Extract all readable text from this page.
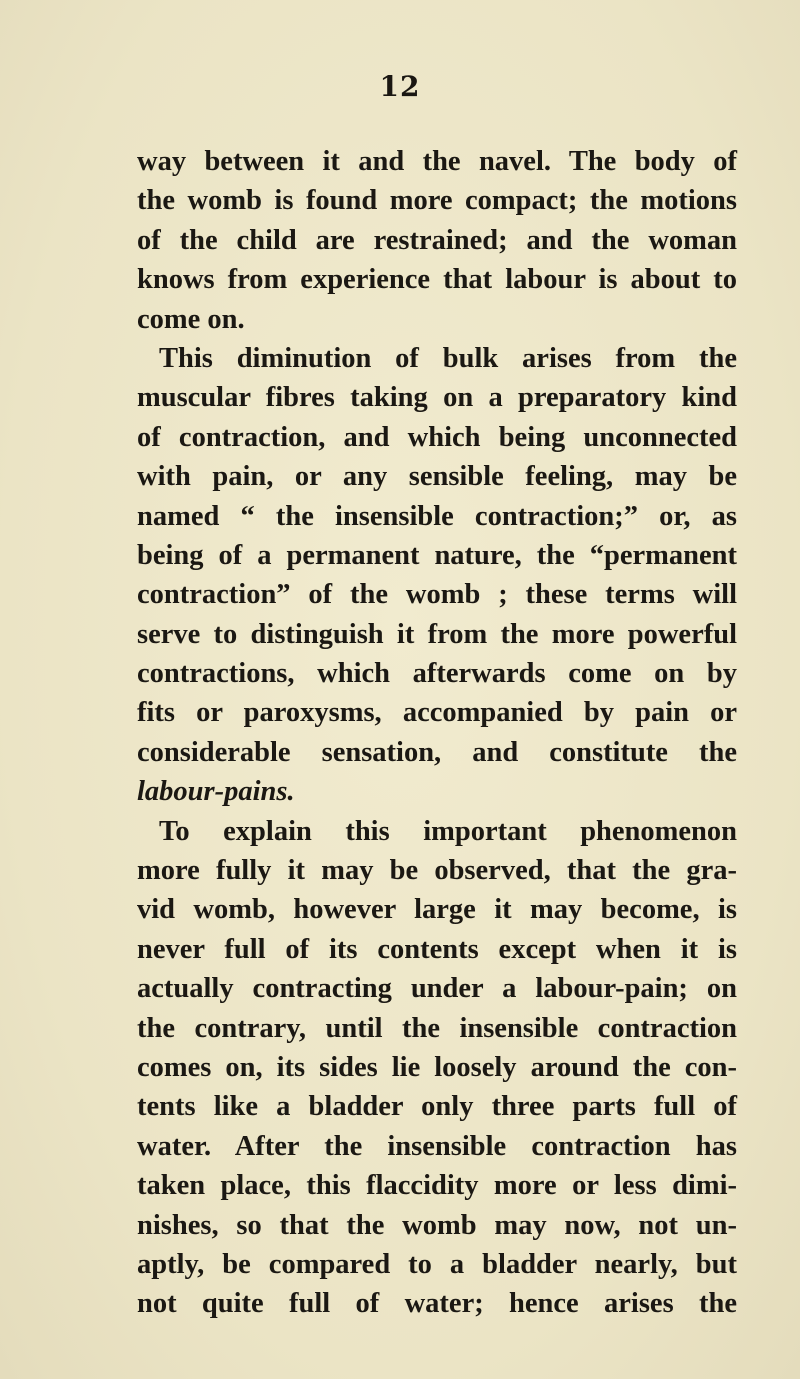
12
way between it and the navel. The body of
the womb is found more compact; the motions
of the child are restrained; and the woman
knows from experience that labour is about to
come on.
This diminution of bulk arises from the
muscular fibres taking on a preparatory kind
of contraction, and which being unconnected
with pain, or any sensible feeling, may be
named “ the insensible contraction;” or, as
being of a permanent nature, the “permanent
contraction” of the womb ; these terms will
serve to distinguish it from the more powerful
contractions, which afterwards come on by
fits or paroxysms, accompanied by pain or
considerable sensation, and constitute the
labour-pains.
To explain this important phenomenon
more fully it may be observed, that the gra-
vid womb, however large it may become, is
never full of its contents except when it is
actually contracting under a labour-pain; on
the contrary, until the insensible contraction
comes on, its sides lie loosely around the con-
tents like a bladder only three parts full of
water. After the insensible contraction has
taken place, this flaccidity more or less dimi-
nishes, so that the womb may now, not un-
aptly, be compared to a bladder nearly, but
not quite full of water; hence arises the
